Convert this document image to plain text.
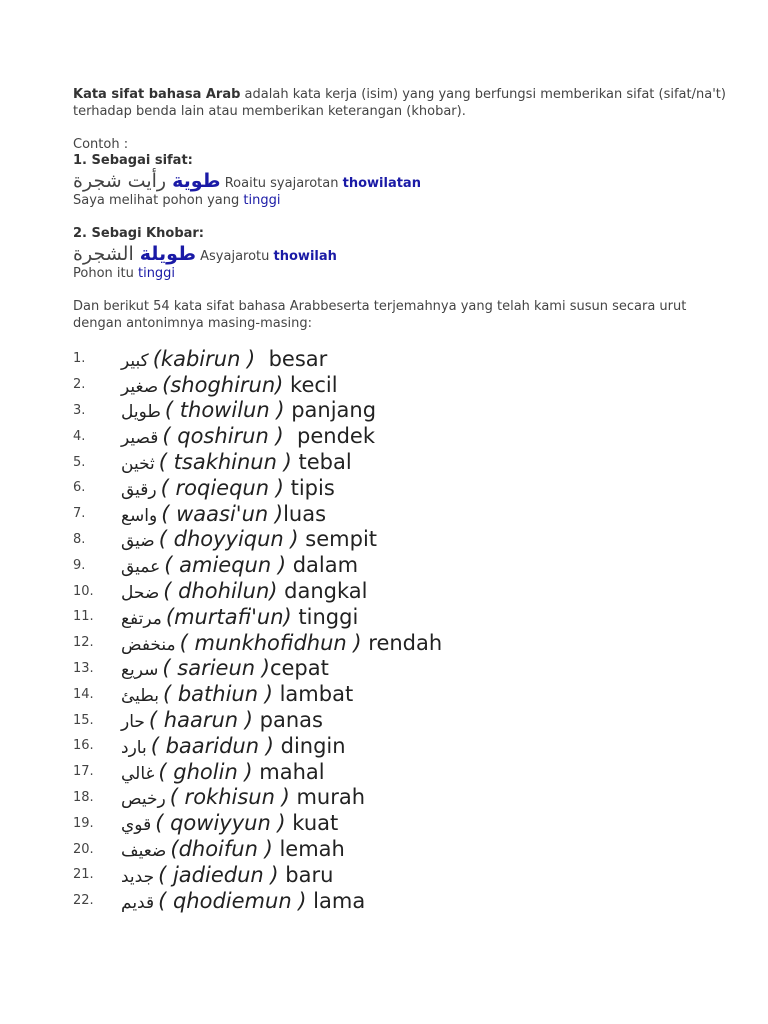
Kata sifat bahasa Arab adalah kata kerja (isim) yang yang berfungsi memberikan sifat (sifat/na't)
terhadap benda lain atau memberikan keterangan (khobar).
Contoh :
1. Sebagai sifat:
طوية رأيت شجرة	Roaitu syajarotan thowilatan
Saya melihat pohon yang tinggi
2. Sebagi Khobar:
طويلة الشجرة	Asyajarotu thowilah
Pohon itu tinggi
Dan berikut 54 kata sifat bahasa Arabbeserta terjemahnya yang telah kami susun secara urut
dengan antonimnya masing-masing:
1.	كبير (kabirun )  besar
2.	صغير (shoghirun) kecil
3.	طويل ( thowilun ) panjang
4.	قصير ( qoshirun )  pendek
5.	ثخين ( tsakhinun ) tebal
6.	رقيق ( roqiequn ) tipis
7.	واسع ( waasi'un )luas
8.	ضيق ( dhoyyiqun ) sempit
9.	عميق ( amiequn ) dalam
10.	ضحل ( dhohilun) dangkal
11.	مرتفع (murtafi'un) tinggi
12.	منخفض ( munkhofidhun ) rendah
13.	سريع ( sarieun )cepat
14.	بطيئ ( bathiun ) lambat
15.	حار ( haarun ) panas
16.	بارد ( baaridun ) dingin
17.	غالي ( gholin ) mahal
18.	رخيص ( rokhisun ) murah
19.	قوي ( qowiyyun ) kuat
20.	ضعيف (dhoifun ) lemah
21.	جديد ( jadiedun ) baru
22.	قديم ( qhodiemun ) lama
